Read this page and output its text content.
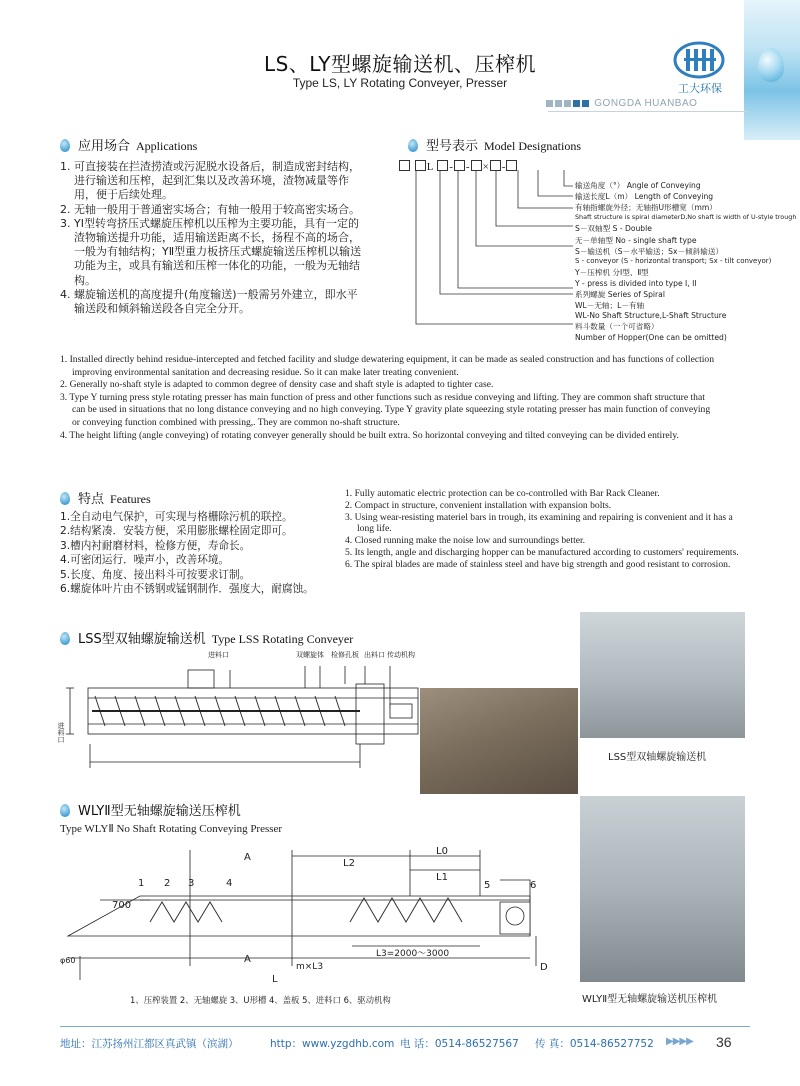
LS、LY型螺旋输送机、压榨机
Type LS, LY Rotating Conveyer, Presser	工大环保
GONGDA HUANBAO
应用场合 Applications
1. 可直接装在拦渣捞渣或污泥脱水设备后，制造成密封结构，进行输送和压榨，起到汇集以及改善环境，渣物减量等作用，便于后续处理。
2. 无轴一般用于普通密实场合；有轴一般用于较高密实场合。
3. YⅠ型转弯挤压式螺旋压榨机以压榨为主要功能，具有一定的渣物输送提升功能，适用输送距离不长，扬程不高的场合，一般为有轴结构；YⅡ型重力板挤压式螺旋输送压榨机以输送功能为主，或具有输送和压榨一体化的功能，一般为无轴结构。
4. 螺旋输送机的高度提升(角度输送)一般需另外建立，即水平输送段和倾斜输送段各自完全分开。
型号表示 Model Designations
L - - × -
输送角度（°） Angle of Conveying
输送长度L（m） Length of Conveying
有轴指螺旋外径；无轴指U形槽宽（mm）
Shaft structure is spiral diameterD,No shaft is width of U-style trough
S－双轴型 S - Double
无－单轴型 No - single shaft type
S－输送机（S－水平输送；Sx－倾斜输送）
S - conveyor (S - horizontal transport; Sx - tilt conveyor)
Y－压榨机 分Ⅰ型、Ⅱ型
Y - press is divided into type I, II
系列螺旋 Series of Spiral
WL－无轴；L－有轴
WL-No Shaft Structure,L-Shaft Structure
料斗数量（一个可省略）
Number of Hopper(One can be omitted)
1. Installed directly behind residue-intercepted and fetched facility and sludge dewatering equipment, it can be made as sealed construction and has functions of collection improving environmental sanitation and decreasing residue. So it can make later treating convenient.
2. Generally no-shaft style is adapted to common degree of density case and shaft style is adapted to tighter case.
3. Type Y turning press style rotating presser has main function of press and other functions such as residue conveying and lifting. They are common shaft structure that can be used in situations that no long distance conveying and no high conveying. Type Y gravity plate squeezing style rotating presser has main function of conveying or conveying function combined with pressing,. They are common no-shaft structure.
4. The height lifting (angle conveying) of rotating conveyer generally should be built extra. So horizontal conveying and tilted conveying can be divided entirely.
特点 Features
1.全自动电气保护，可实现与格栅除污机的联控。
2.结构紧凑．安装方便，采用膨胀螺栓固定即可。
3.槽内衬耐磨材料，检修方便，寿命长。
4.可密闭运行．噪声小，改善环境。
5.长度、角度、接出料斗可按要求订制。
6.螺旋体叶片由不锈钢或锰钢制作．强度大，耐腐蚀。
1. Fully automatic electric protection can be co-controlled with Bar Rack Cleaner.
2. Compact in structure, convenient installation with expansion bolts.
3. Using wear-resisting materiel bars in trough, its examining and repairing is convenient and it has a long life.
4. Closed running make the noise low and surroundings better.
5. Its length, angle and discharging hopper can be manufactured according to customers' requirements.
6. The spiral blades are made of stainless steel and have big strength and good resistant to corrosion.
LSS型双轴螺旋输送机 Type LSS Rotating Conveyer
进料口	双螺旋体 检修孔板 出料口 传动机构
进料口
LSS型双轴螺旋输送机
WLYⅡ型无轴螺旋输送压榨机
Type WLYⅡ No Shaft Rotating Conveying Presser
L2
L0
L1
700
A
A
φ60
m×L3
L3=2000～3000
L
D
1 2 3	4	5	6
1、压榨装置 2、无轴螺旋 3、U形槽 4、盖板 5、进料口 6、驱动机构	WLYⅡ型无轴螺旋输送机压榨机
地址：江苏扬州江都区真武镇（滨湖）	http：www.yzgdhb.com 电 话：0514-86527567 传 真：0514-86527752 ▶▶▶▶ 36
